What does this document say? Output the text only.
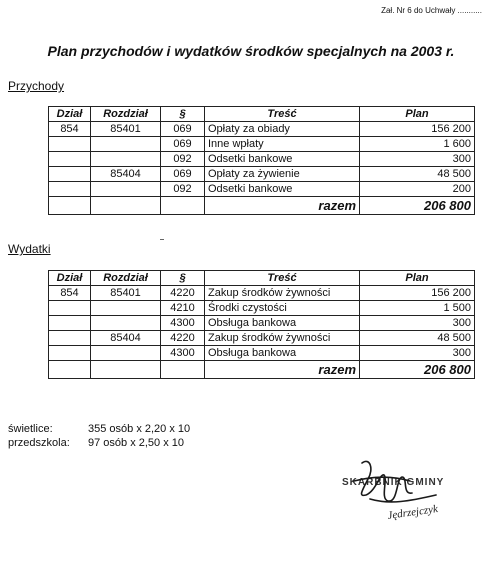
Zał. Nr 6 do Uchwały ...........
Plan przychodów i wydatków środków specjalnych na 2003 r.
Przychody
Dział	Rozdział	§	Treść	Plan
854	85401	069	Opłaty za obiady	156 200
		069	Inne wpłaty	1 600
		092	Odsetki bankowe	300
	85404	069	Opłaty za żywienie	48 500
		092	Odsetki bankowe	200
			razem	206 800
Wydatki
Dział	Rozdział	§	Treść	Plan
854	85401	4220	Zakup środków żywności	156 200
		4210	Środki czystości	1 500
		4300	Obsługa bankowa	300
	85404	4220	Zakup środków żywności	48 500
		4300	Obsługa bankowa	300
			razem	206 800
świetlice:	355 osób x 2,20 x 10
przedszkola: 97 osób x 2,50 x 10
SKARBNIK GMINY
Jędrzejczyk
